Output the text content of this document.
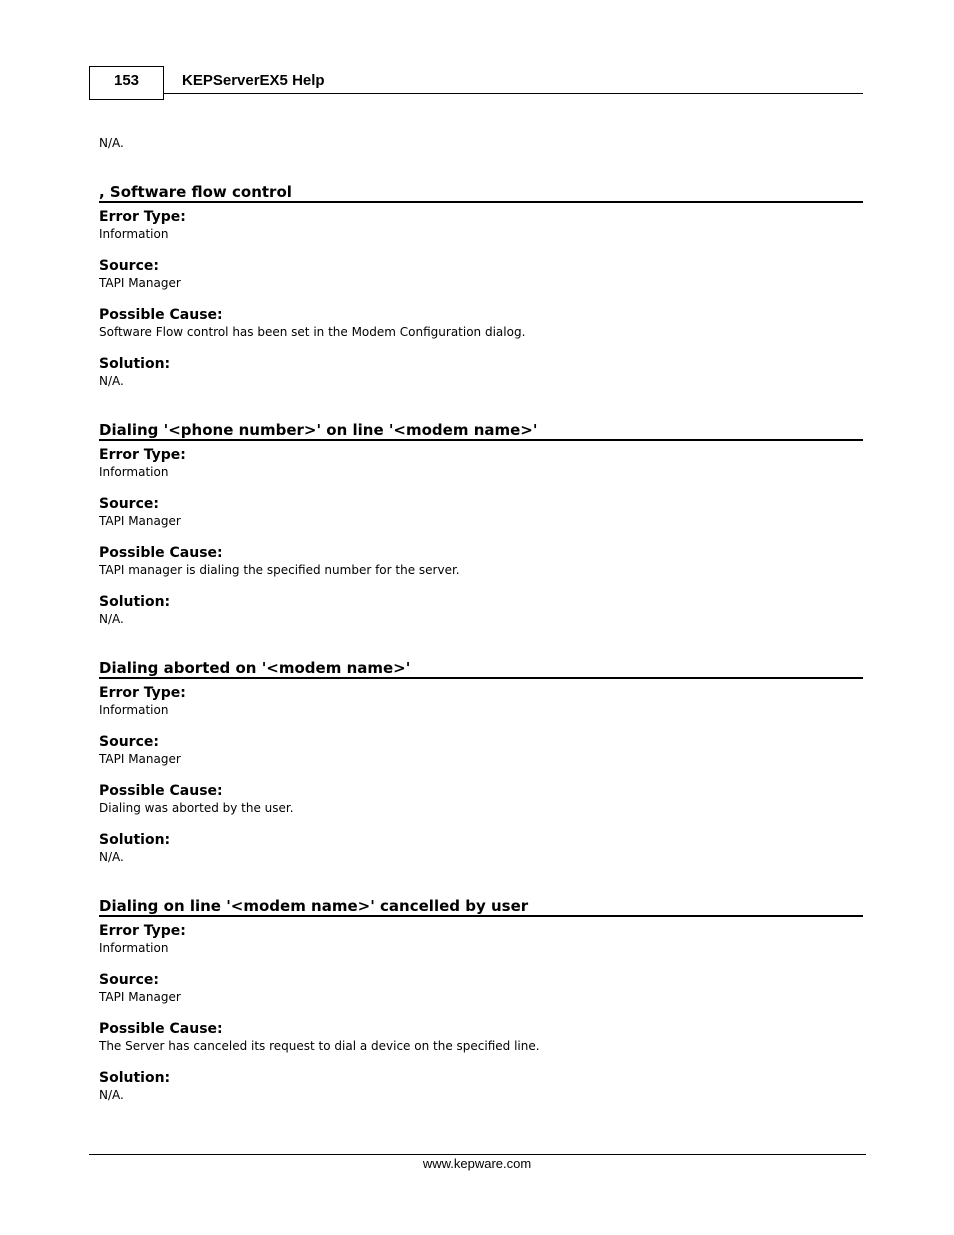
153	KEPServerEX5 Help

N/A.

, Software flow control

Error Type:

Information

Source:

TAPI Manager

Possible Cause:

Software Flow control has been set in the Modem Configuration dialog.

Solution:

N/A.

Dialing '<phone number>' on line '<modem name>'

Error Type:

Information

Source:

TAPI Manager

Possible Cause:

TAPI manager is dialing the specified number for the server.

Solution:

N/A.

Dialing aborted on '<modem name>'

Error Type:

Information

Source:

TAPI Manager

Possible Cause:

Dialing was aborted by the user.

Solution:

N/A.

Dialing on line '<modem name>' cancelled by user

Error Type:

Information

Source:

TAPI Manager

Possible Cause:

The Server has canceled its request to dial a device on the specified line.

Solution:

N/A.

www.kepware.com
